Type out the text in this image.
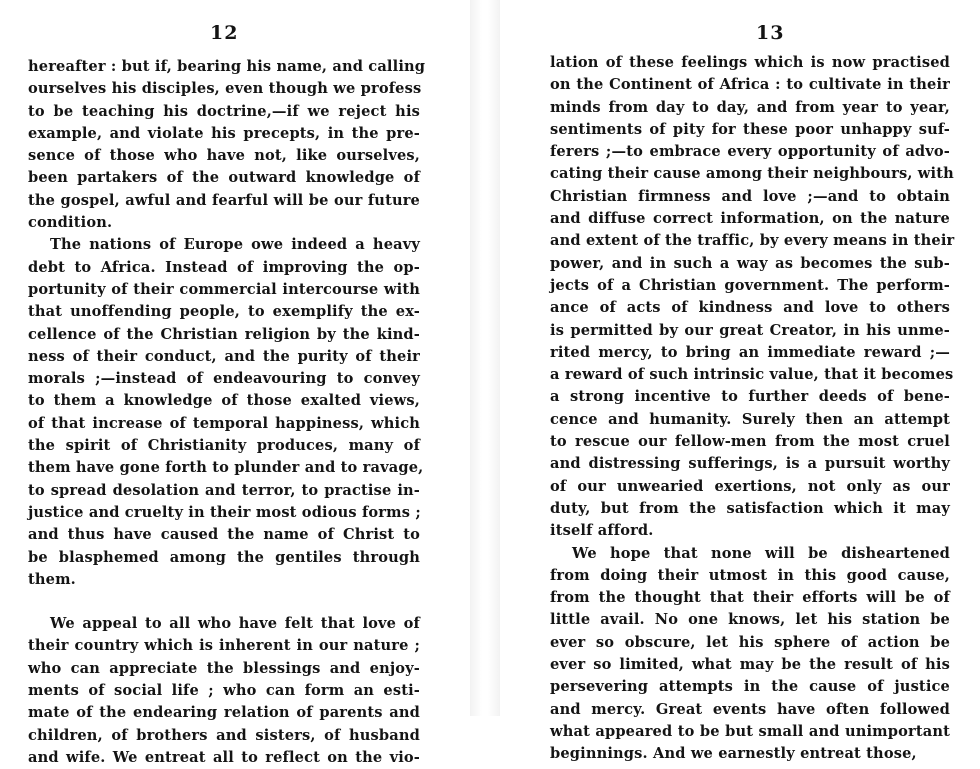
12
hereafter : but if, bearing his name, and calling
ourselves his disciples, even though we profess
to be teaching his doctrine,—if we reject his
example, and violate his precepts, in the pre-
sence of those who have not, like ourselves,
been partakers of the outward knowledge of
the gospel, awful and fearful will be our future
condition.
The nations of Europe owe indeed a heavy
debt to Africa. Instead of improving the op-
portunity of their commercial intercourse with
that unoffending people, to exemplify the ex-
cellence of the Christian religion by the kind-
ness of their conduct, and the purity of their
morals ;—instead of endeavouring to convey
to them a knowledge of those exalted views,
of that increase of temporal happiness, which
the spirit of Christianity produces, many of
them have gone forth to plunder and to ravage,
to spread desolation and terror, to practise in-
justice and cruelty in their most odious forms ;
and thus have caused the name of Christ to
be blasphemed among the gentiles through
them.
We appeal to all who have felt that love of
their country which is inherent in our nature ;
who can appreciate the blessings and enjoy-
ments of social life ; who can form an esti-
mate of the endearing relation of parents and
children, of brothers and sisters, of husband
and wife. We entreat all to reflect on the vio-
13
lation of these feelings which is now practised
on the Continent of Africa : to cultivate in their
minds from day to day, and from year to year,
sentiments of pity for these poor unhappy suf-
ferers ;—to embrace every opportunity of advo-
cating their cause among their neighbours, with
Christian firmness and love ;—and to obtain
and diffuse correct information, on the nature
and extent of the traffic, by every means in their
power, and in such a way as becomes the sub-
jects of a Christian government. The perform-
ance of acts of kindness and love to others
is permitted by our great Creator, in his unme-
rited mercy, to bring an immediate reward ;—
a reward of such intrinsic value, that it becomes
a strong incentive to further deeds of bene-
cence and humanity. Surely then an attempt
to rescue our fellow-men from the most cruel
and distressing sufferings, is a pursuit worthy
of our unwearied exertions, not only as our
duty, but from the satisfaction which it may
itself afford.
We hope that none will be disheartened
from doing their utmost in this good cause,
from the thought that their efforts will be of
little avail. No one knows, let his station be
ever so obscure, let his sphere of action be
ever so limited, what may be the result of his
persevering attempts in the cause of justice
and mercy. Great events have often followed
what appeared to be but small and unimportant
beginnings. And we earnestly entreat those,
